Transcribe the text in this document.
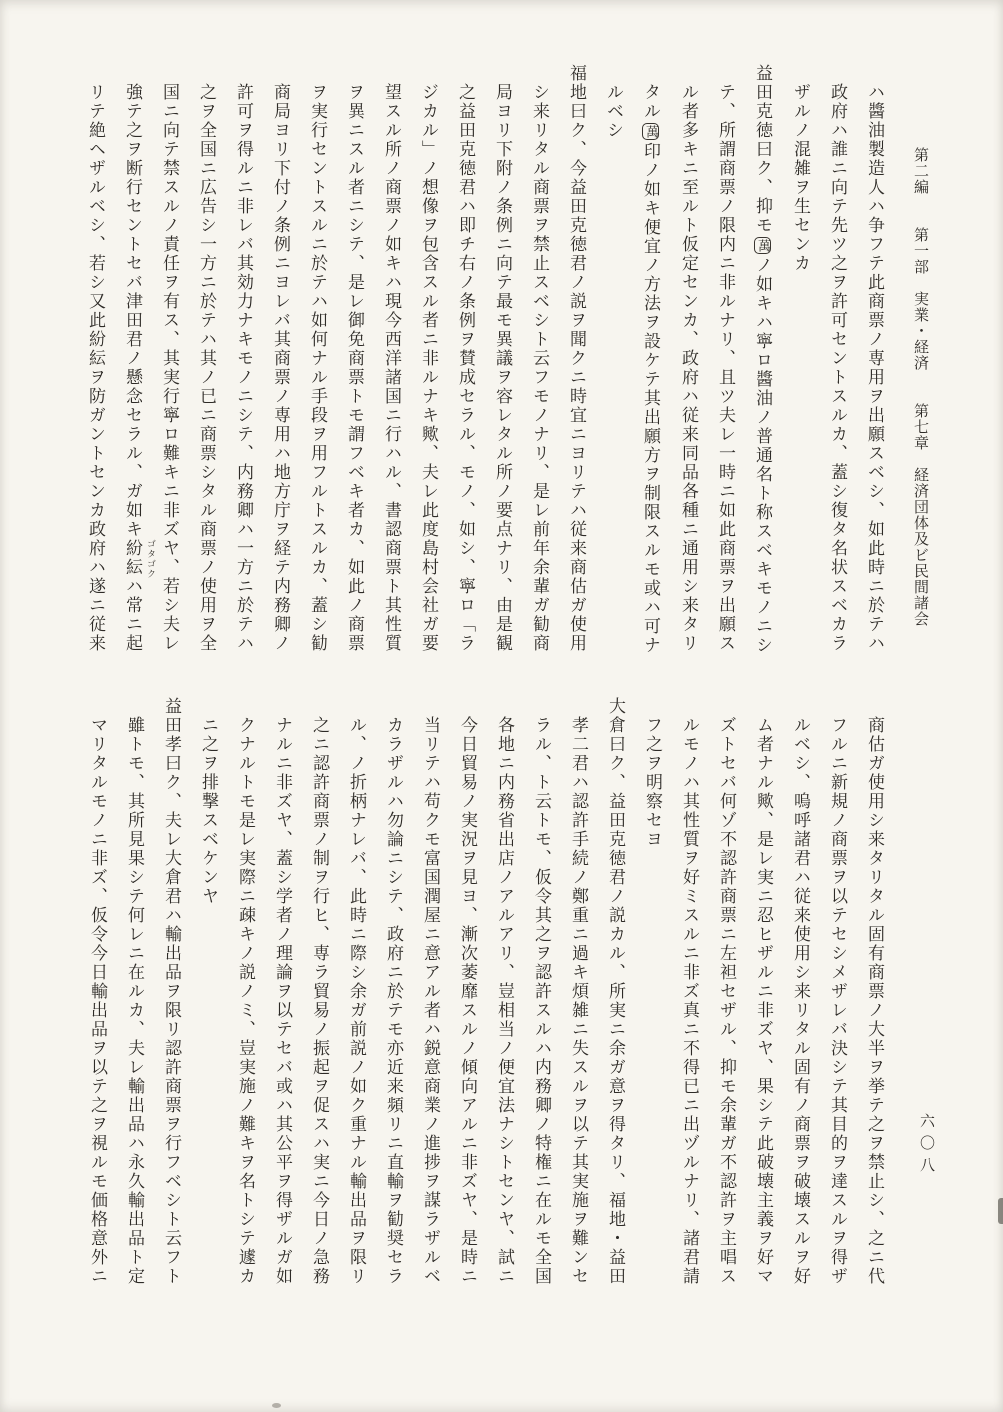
第二編　　第一部　実業・経済　　第七章　経済団体及ビ民間諸会
ハ醬油製造人ハ争フテ此商票ノ専用ヲ出願スベシ、如此時ニ於テハ
政府ハ誰ニ向テ先ツ之ヲ許可セントスルカ、蓋シ復タ名状スベカラ
ザルノ混雑ヲ生センカ
益田克徳曰ク、抑モ萬ノ如キハ寧ロ醬油ノ普通名ト称スベキモノニシ
テ、所謂商票ノ限内ニ非ルナリ、且ツ夫レ一時ニ如此商票ヲ出願ス
ル者多キニ至ルト仮定センカ、政府ハ従来同品各種ニ通用シ来タリ
タル萬印ノ如キ便宜ノ方法ヲ設ケテ其出願方ヲ制限スルモ或ハ可ナ
ルベシ
福地曰ク、今益田克徳君ノ説ヲ聞クニ時宜ニヨリテハ従来商估ガ使用
シ来リタル商票ヲ禁止スベシト云フモノナリ、是レ前年余輩ガ勧商
局ヨリ下附ノ条例ニ向テ最モ異議ヲ容レタル所ノ要点ナリ、由是観
之益田克徳君ハ即チ右ノ条例ヲ賛成セラル、モノ、如シ、寧ロ「ラ
ジカル」ノ想像ヲ包含スル者ニ非ルナキ歟、夫レ此度島村会社ガ要
望スル所ノ商票ノ如キハ現今西洋諸国ニ行ハル、書認商票ト其性質
ヲ異ニスル者ニシテ、是レ御免商票トモ謂フベキ者カ、如此ノ商票
ヲ実行セントスルニ於テハ如何ナル手段ヲ用フルトスルカ、蓋シ勧
商局ヨリ下付ノ条例ニヨレバ其商票ノ専用ハ地方庁ヲ経テ内務卿ノ
許可ヲ得ルニ非レバ其効力ナキモノニシテ、内務卿ハ一方ニ於テハ
之ヲ全国ニ広告シ一方ニ於テハ其ノ已ニ商票シタル商票ノ使用ヲ全
国ニ向テ禁スルノ責任ヲ有ス、其実行寧ロ難キニ非ズヤ、若シ夫レ
強テ之ヲ断行セントセバ津田君ノ懸念セラル、ガ如キ紛紜ハ常ニ起
リテ絶ヘザルベシ、若シ又此紛紜ヲ防ガントセンカ政府ハ遂ニ従来	ゴタゴク
商估ガ使用シ来タリタル固有商票ノ大半ヲ挙テ之ヲ禁止シ、之ニ代
フルニ新規ノ商票ヲ以テセシメザレバ決シテ其目的ヲ達スルヲ得ザ
ルベシ、嗚呼諸君ハ従来使用シ来リタル固有ノ商票ヲ破壊スルヲ好
ム者ナル歟、是レ実ニ忍ヒザルニ非ズヤ、果シテ此破壊主義ヲ好マ
ズトセバ何ゾ不認許商票ニ左袒セザル、抑モ余輩ガ不認許ヲ主唱ス
ルモノハ其性質ヲ好ミスルニ非ズ真ニ不得已ニ出ヅルナリ、諸君請
フ之ヲ明察セヨ
大倉曰ク、益田克徳君ノ説カル、所実ニ余ガ意ヲ得タリ、福地・益田
孝二君ハ認許手続ノ鄭重ニ過キ煩雑ニ失スルヲ以テ其実施ヲ難ンセ
ラル、ト云トモ、仮令其之ヲ認許スルハ内務卿ノ特権ニ在ルモ全国
各地ニ内務省出店ノアルアリ、豈相当ノ便宜法ナシトセンヤ、試ニ
今日貿易ノ実況ヲ見ヨ、漸次萎靡スルノ傾向アルニ非ズヤ、是時ニ
当リテハ苟クモ富国潤屋ニ意アル者ハ鋭意商業ノ進捗ヲ謀ラザルベ
カラザルハ勿論ニシテ、政府ニ於テモ亦近来頻リニ直輸ヲ勧奨セラ
ル、ノ折柄ナレバ、此時ニ際シ余ガ前説ノ如ク重ナル輸出品ヲ限リ
之ニ認許商票ノ制ヲ行ヒ、専ラ貿易ノ振起ヲ促スハ実ニ今日ノ急務
ナルニ非ズヤ、蓋シ学者ノ理論ヲ以テセバ或ハ其公平ヲ得ザルガ如
クナルトモ是レ実際ニ疎キノ説ノミ、豈実施ノ難キヲ名トシテ遽カ
ニ之ヲ排撃スベケンヤ
益田孝曰ク、夫レ大倉君ハ輸出品ヲ限リ認許商票ヲ行フベシト云フト
雖トモ、其所見果シテ何レニ在ルカ、夫レ輸出品ハ永久輸出品ト定
マリタルモノニ非ズ、仮令今日輸出品ヲ以テ之ヲ視ルモ価格意外ニ	六〇八
